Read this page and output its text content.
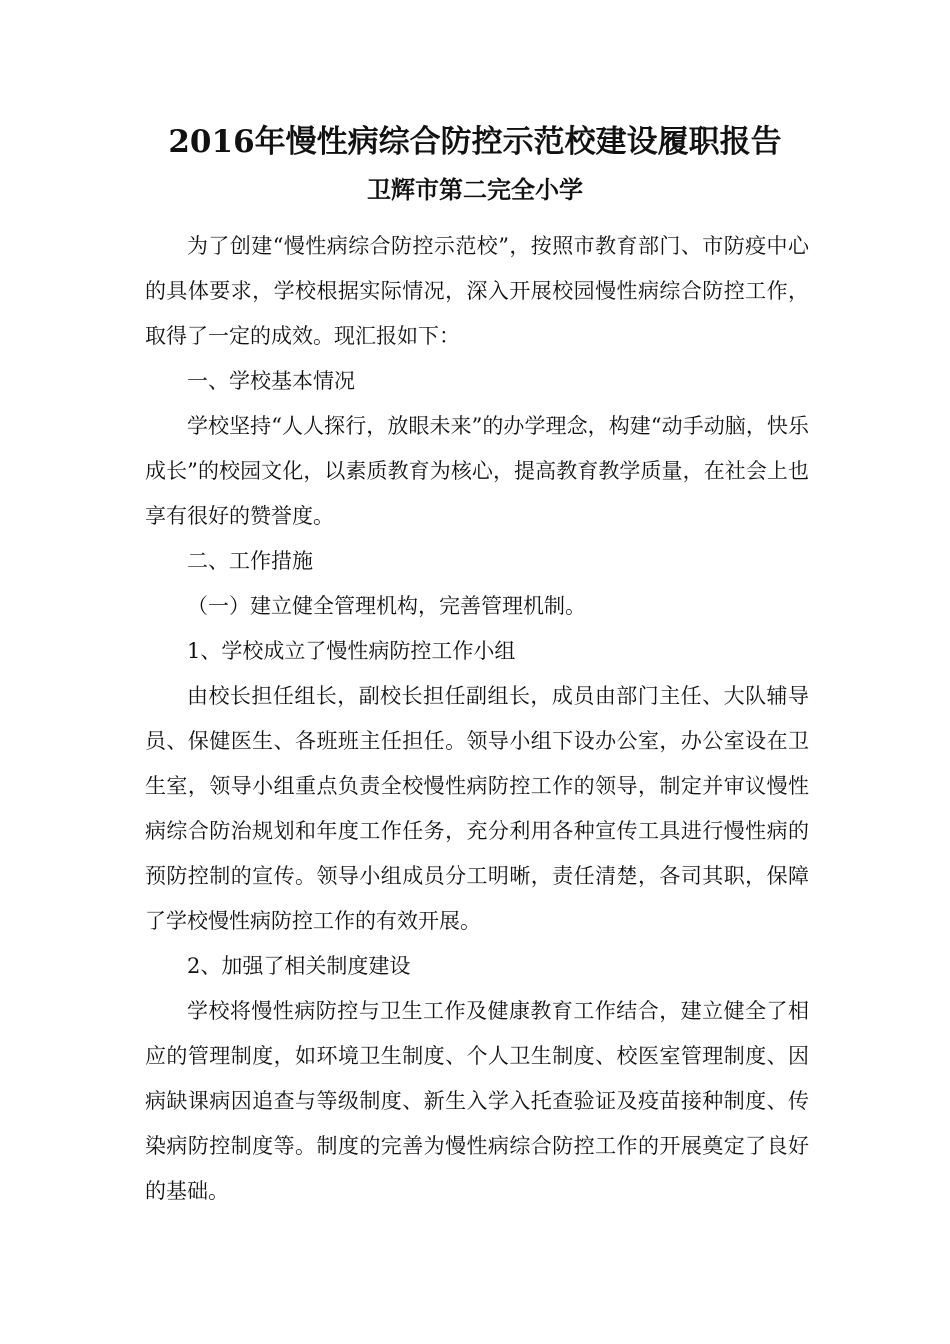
2016年慢性病综合防控示范校建设履职报告
卫辉市第二完全小学

为了创建“慢性病综合防控示范校”，按照市教育部门、市防疫中心的具体要求，学校根据实际情况，深入开展校园慢性病综合防控工作，取得了一定的成效。现汇报如下：

一、学校基本情况

学校坚持“人人探行，放眼未来”的办学理念，构建“动手动脑，快乐成长”的校园文化，以素质教育为核心，提高教育教学质量，在社会上也享有很好的赞誉度。

二、工作措施

（一）建立健全管理机构，完善管理机制。

1、学校成立了慢性病防控工作小组

由校长担任组长，副校长担任副组长，成员由部门主任、大队辅导员、保健医生、各班班主任担任。领导小组下设办公室，办公室设在卫生室，领导小组重点负责全校慢性病防控工作的领导，制定并审议慢性病综合防治规划和年度工作任务，充分利用各种宣传工具进行慢性病的预防控制的宣传。领导小组成员分工明晰，责任清楚，各司其职，保障了学校慢性病防控工作的有效开展。

2、加强了相关制度建设

学校将慢性病防控与卫生工作及健康教育工作结合，建立健全了相应的管理制度，如环境卫生制度、个人卫生制度、校医室管理制度、因病缺课病因追查与等级制度、新生入学入托查验证及疫苗接种制度、传染病防控制度等。制度的完善为慢性病综合防控工作的开展奠定了良好的基础。
